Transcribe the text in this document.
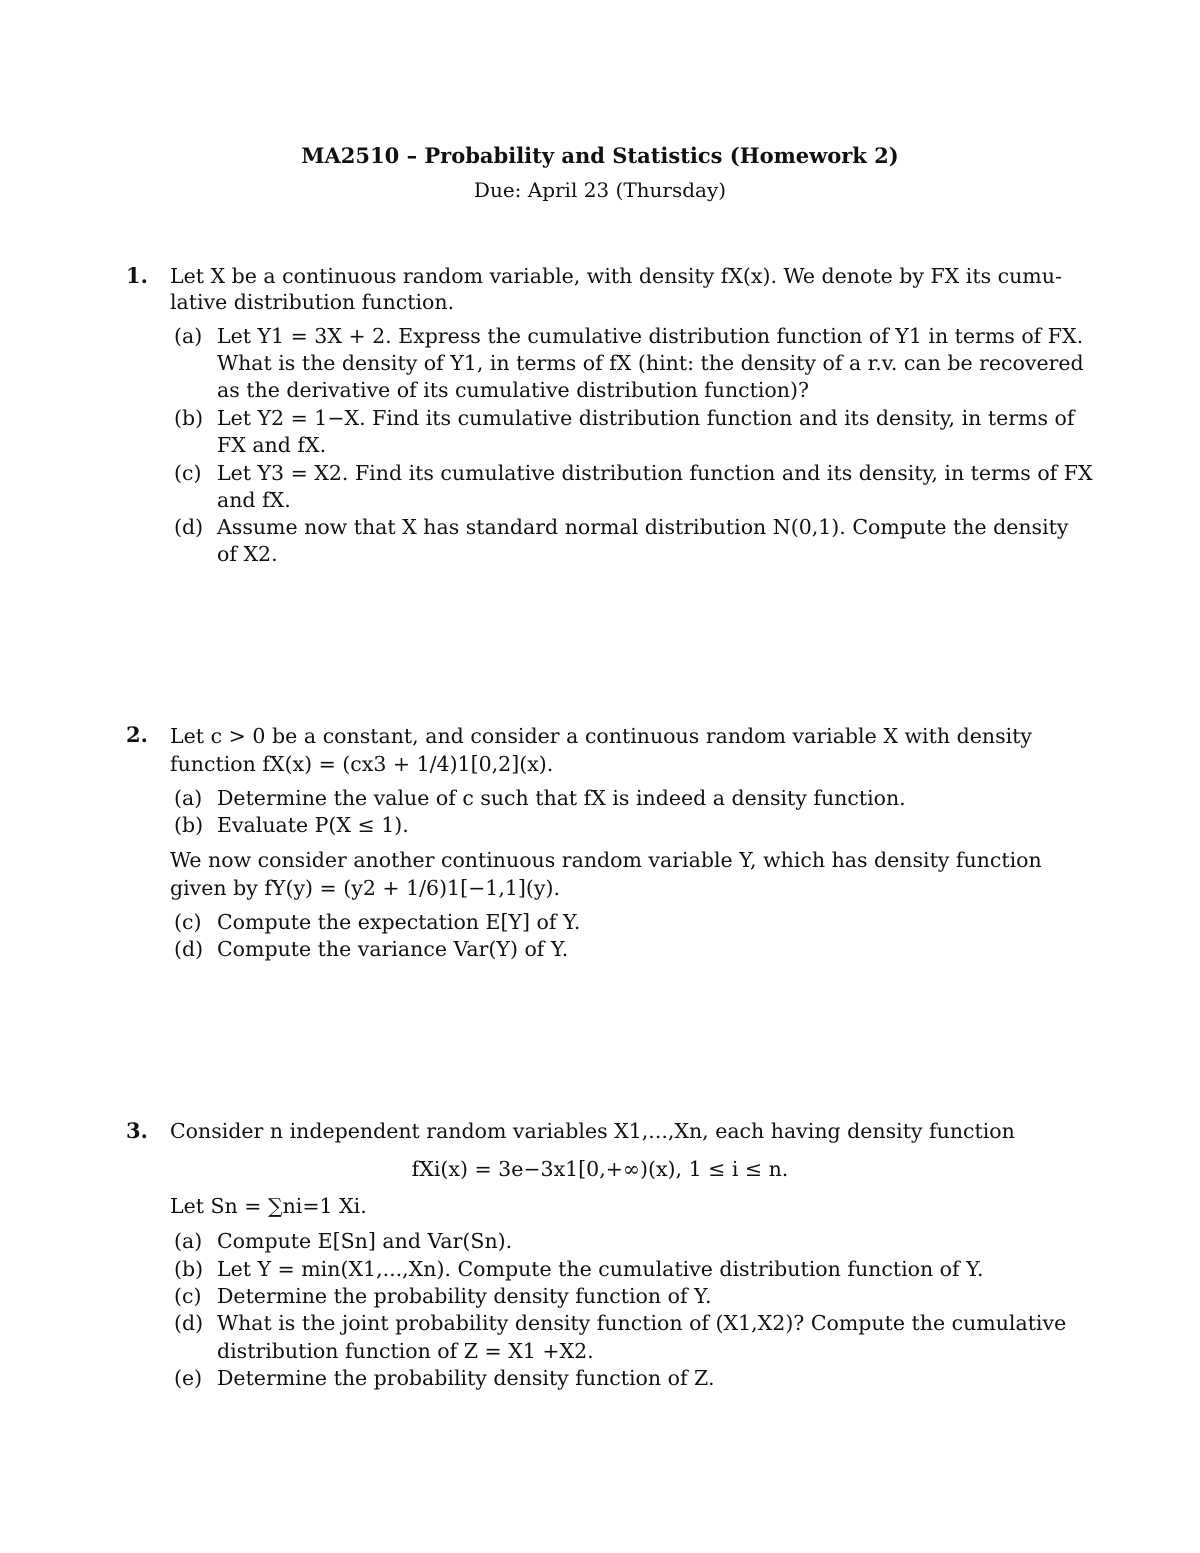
MA2510 – Probability and Statistics (Homework 2)
Due: April 23 (Thursday)
1. Let X be a continuous random variable, with density fX(x). We denote by FX its cumu-
lative distribution function.
(a) Let Y1 = 3X + 2. Express the cumulative distribution function of Y1 in terms of FX.
What is the density of Y1, in terms of fX (hint: the density of a r.v. can be recovered
as the derivative of its cumulative distribution function)?
(b) Let Y2 = 1−X. Find its cumulative distribution function and its density, in terms of
FX and fX.
(c) Let Y3 = X2. Find its cumulative distribution function and its density, in terms of FX
and fX.
(d) Assume now that X has standard normal distribution N(0,1). Compute the density
of X2.
2. Let c > 0 be a constant, and consider a continuous random variable X with density
function fX(x) = (cx3 + 1/4)1[0,2](x).
(a) Determine the value of c such that fX is indeed a density function.
(b) Evaluate P(X ≤ 1).
We now consider another continuous random variable Y, which has density function
given by fY(y) = (y2 + 1/6)1[−1,1](y).
(c) Compute the expectation E[Y] of Y.
(d) Compute the variance Var(Y) of Y.
3. Consider n independent random variables X1,...,Xn, each having density function
fXi(x) = 3e−3x1[0,+∞)(x), 1 ≤ i ≤ n.
Let Sn = ∑ni=1 Xi.
(a) Compute E[Sn] and Var(Sn).
(b) Let Y = min(X1,...,Xn). Compute the cumulative distribution function of Y.
(c) Determine the probability density function of Y.
(d) What is the joint probability density function of (X1,X2)? Compute the cumulative
distribution function of Z = X1 +X2.
(e) Determine the probability density function of Z.
